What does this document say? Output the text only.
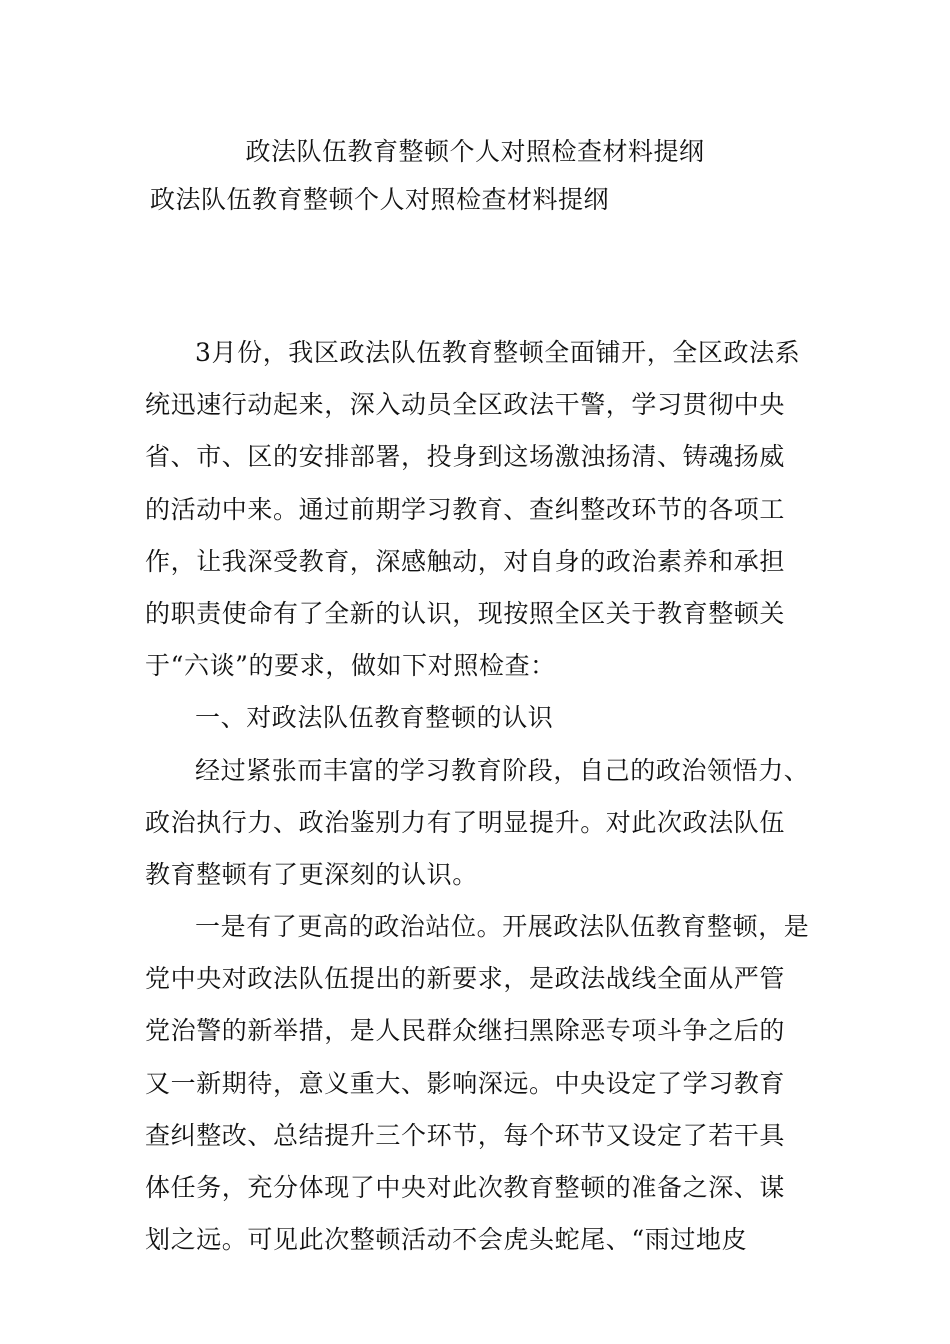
政法队伍教育整顿个人对照检查材料提纲
政法队伍教育整顿个人对照检查材料提纲
3月份，我区政法队伍教育整顿全面铺开，全区政法系
统迅速行动起来，深入动员全区政法干警，学习贯彻中央
省、市、区的安排部署，投身到这场激浊扬清、铸魂扬威
的活动中来。通过前期学习教育、查纠整改环节的各项工
作，让我深受教育，深感触动，对自身的政治素养和承担
的职责使命有了全新的认识，现按照全区关于教育整顿关
于“六谈”的要求，做如下对照检查：
一、对政法队伍教育整顿的认识
经过紧张而丰富的学习教育阶段，自己的政治领悟力、
政治执行力、政治鉴别力有了明显提升。对此次政法队伍
教育整顿有了更深刻的认识。
一是有了更高的政治站位。开展政法队伍教育整顿，是
党中央对政法队伍提出的新要求，是政法战线全面从严管
党治警的新举措，是人民群众继扫黑除恶专项斗争之后的
又一新期待，意义重大、影响深远。中央设定了学习教育
查纠整改、总结提升三个环节，每个环节又设定了若干具
体任务，充分体现了中央对此次教育整顿的准备之深、谋
划之远。可见此次整顿活动不会虎头蛇尾、“雨过地皮
